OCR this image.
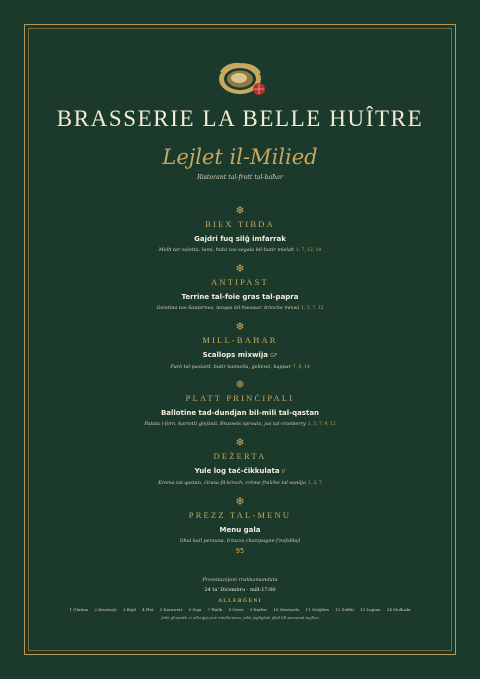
BRASSERIE LA BELLE HUÎTRE
Lejlet il-Milied
Ristorant tal-frott tal-baħar
❄
BIEX TIBDA
Gajdri fuq silġ imfarrak
Melħ tar-zalotta, lumi, ħobż tas-segala bil-butir mielaħ 1, 7, 12, 14
❄
ANTIPAST
Terrine tal-foie gras tal-papra
Gelatina tas-Sauternes, lanqas bil-ħwawar, brioche mixwi 1, 3, 7, 12
❄
MILL-BAĦAR
Scallops mixwija GF
Purè tal-pastard, butir kannella, ġellewż, kappar 7, 8, 14
❄
PLATT PRINĊIPALI
Ballotine tad-dundjan bil-mili tal-qastan
Patata l-forn, karrotti glejżati, Brussels sprouts, jus tal-cranberry 1, 3, 7, 9, 12
❄
DEŻERTA
Yule log taċ-ċikkulata V
Krema tal-qastan, ċirasa fil-kirsch, crème fraîche tal-vanilja 1, 3, 7
❄
PREZZ TAL-MENU
Menu gala
Għal kull persuna, b'tazza champagne f'nofsillejl
95
Prenotazzjoni rrakkomandata
24 ta' Diċembru · mill-17:00
ALLERĠENI
1 Glutina 2 Krustaċji 3 Bajd 4 Ħut 5 Karawett 6 Soja 7 Ħalib 8 Ġewż 9 Karfus 10 Mustarda 11 Ġulġlien 12 Sulfiti 13 Lupina 14 Molluski
Jekk għandek xi allerġija jew intolleranza, jekk jogħġbok għid lill-persunal tagħna
